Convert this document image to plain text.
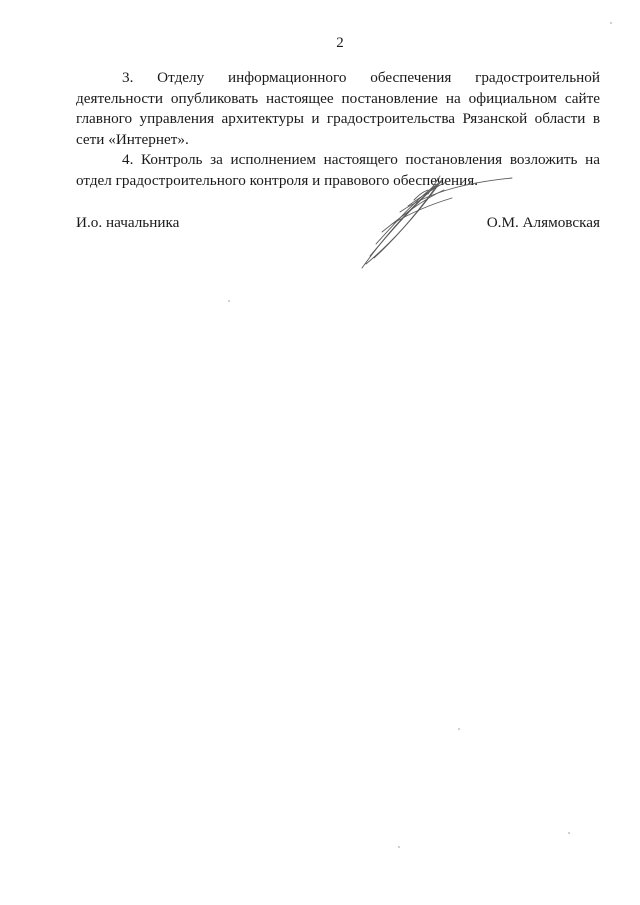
2

3. Отделу информационного обеспечения градостроительной деятельности опубликовать настоящее постановление на официальном сайте главного управления архитектуры и градостроительства Рязанской области в сети «Интернет».

4. Контроль за исполнением настоящего постановления возложить на отдел градостроительного контроля и правового обеспечения.

И.о. начальника	О.М. Алямовская
